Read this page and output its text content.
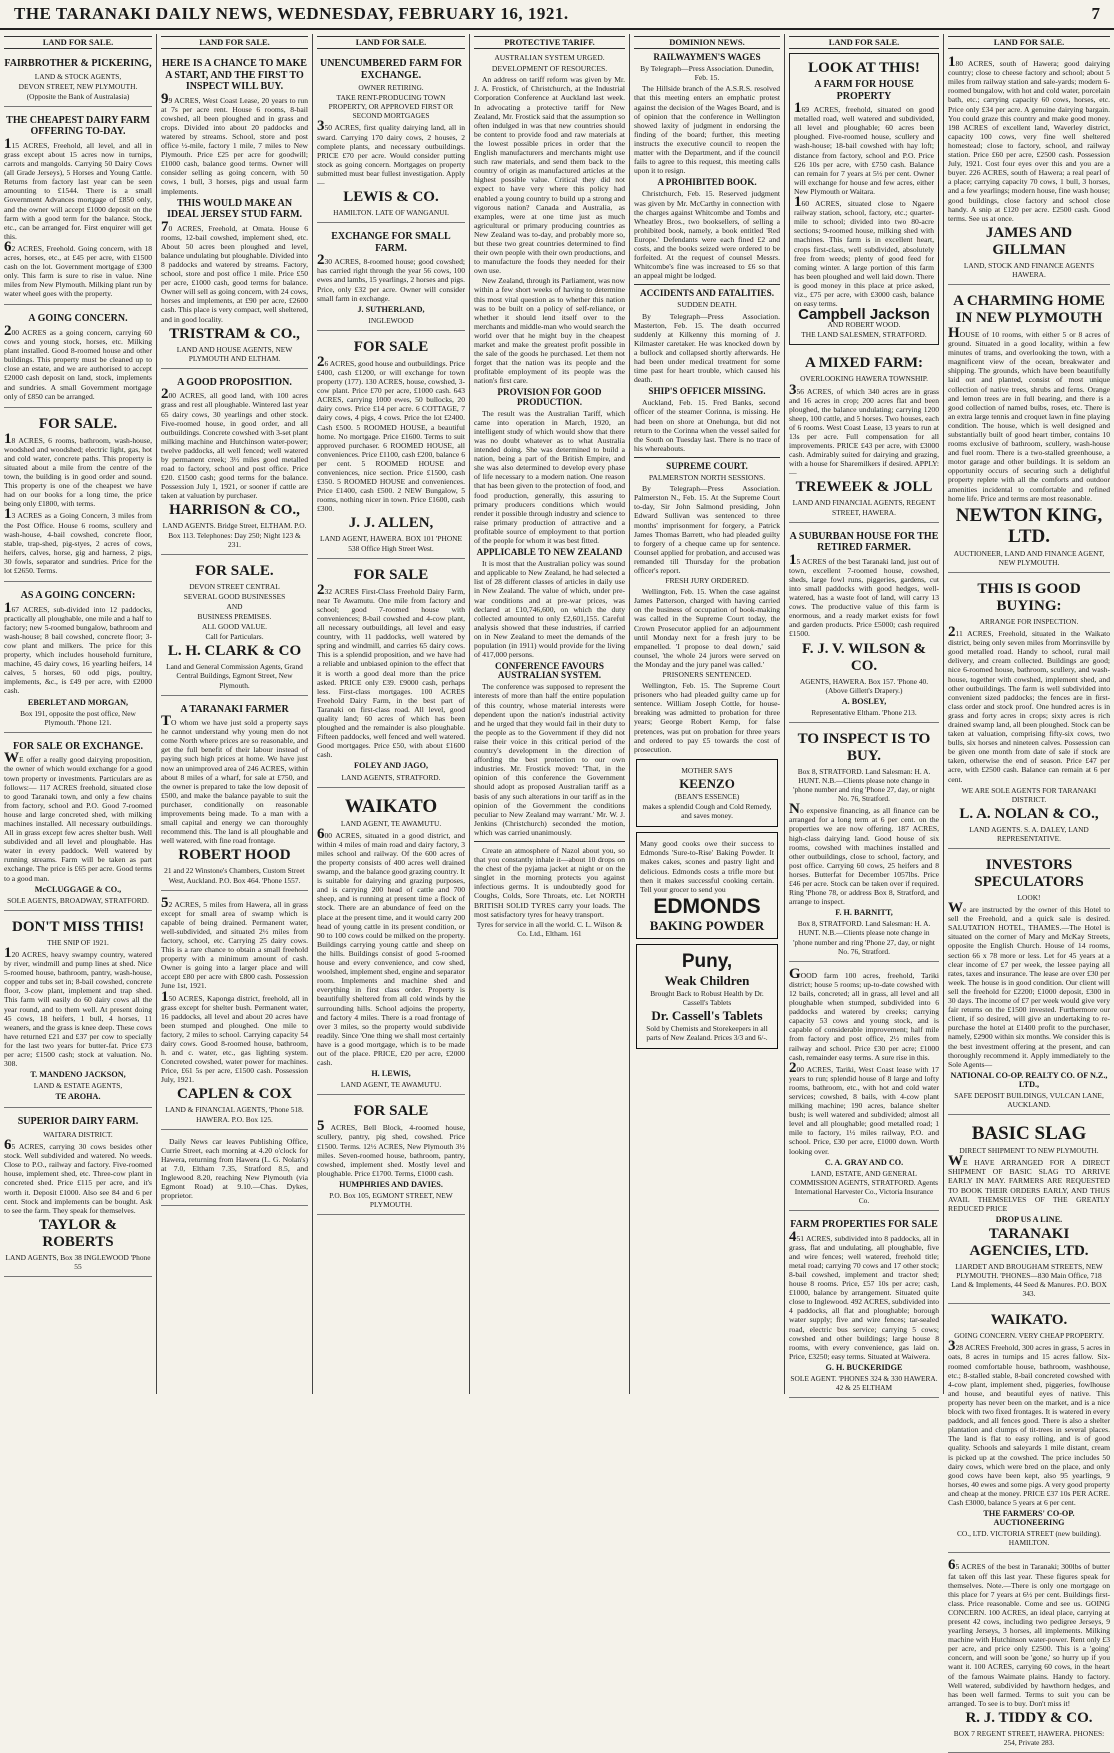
THE TARANAKI DAILY NEWS, WEDNESDAY, FEBRUARY 16, 1921.	7
LAND FOR SALE.
FAIRBROTHER & PICKERING,
LAND & STOCK AGENTS,
DEVON STREET, NEW PLYMOUTH.
(Opposite the Bank of Australasia)
THE CHEAPEST DAIRY FARM OFFERING TO-DAY.
115 ACRES, Freehold, all level, and all in grass except about 15 acres now in turnips, carrots and mangolds. Carrying 50 Dairy Cows (all Grade Jerseys), 5 Horses and Young Cattle. Returns from factory last year can be seen amounting to £1544. There is a small Government Advances mortgage of £850 only, and the owner will accept £1000 deposit on the farm with a good term for the balance. Stock, etc., can be arranged for. First enquirer will get this.
62 ACRES, Freehold. Going concern, with 18 acres, horses, etc., at £45 per acre, with £1500 cash on the lot. Government mortgage of £300 only. This farm is sure to rise in value. Nine miles from New Plymouth. Milking plant run by water wheel goes with the property.
A GOING CONCERN.
200 ACRES as a going concern, carrying 60 cows and young stock, horses, etc. Milking plant installed. Good 8-roomed house and other buildings. This property must be cleaned up to close an estate, and we are authorised to accept £2000 cash deposit on land, stock, implements and sundries. A small Government mortgage only of £850 can be arranged.
FOR SALE.
18 ACRES, 6 rooms, bathroom, wash-house, woodshed and woodshed; electric light, gas, hot and cold water, concrete paths. This property is situated about a mile from the centre of the town, the building is in good order and sound. This property is one of the cheapest we have had on our books for a long time, the price being only £1800, with terms.
13 ACRES as a Going Concern, 3 miles from the Post Office. House 6 rooms, scullery and wash-house, 4-bail cowshed, concrete floor, stable, trap-shed, pig-styes, 2 acres of cows, heifers, calves, horse, gig and harness, 2 pigs, 30 fowls, separator and sundries. Price for the lot £2650. Terms.
AS A GOING CONCERN:
167 ACRES, sub-divided into 12 paddocks, practically all ploughable, one mile and a half to factory; new 5-roomed bungalow, bathroom and wash-house; 8 bail cowshed, concrete floor; 3-cow plant and milkers. The price for this property, which includes household furniture, machine, 45 dairy cows, 16 yearling heifers, 14 calves, 5 horses, 60 odd pigs, poultry, implements, &c., is £49 per acre, with £2000 cash.
EBERLET AND MORGAN,
Box 191, opposite the post office, New Plymouth. 'Phone 121.
FOR SALE OR EXCHANGE.
WE offer a really good dairying proposition, the owner of which would exchange for a good town property or investments. Particulars are as follows:— 117 ACRES freehold, situated close to good Taranaki town, and only a few chains from factory, school and P.O. Good 7-roomed house and large concreted shed, with milking machines installed. All necessary outbuildings. All in grass except few acres shelter bush. Well subdivided and all level and ploughable. Has water in every paddock. Well watered by running streams. Farm will be taken as part exchange. The price is £65 per acre. Good terms to a good man.
McCLUGGAGE & CO.,
SOLE AGENTS, BROADWAY, STRATFORD.
DON'T MISS THIS!
THE SNIP OF 1921.
120 ACRES, heavy swampy country, watered by river, windmill and pump lines at shed. Nice 5-roomed house, bathroom, pantry, wash-house, copper and tubs set in; 8-bail cowshed, concrete floor, 3-cow plant, implement and trap shed. This farm will easily do 60 dairy cows all the year round, and to them well. At present doing 45 cows, 18 heifers, 1 bull, 4 horses, 11 weaners, and the grass is knee deep. These cows have returned £21 and £37 per cow to specially for the last two years for butter-fat. Price £73 per acre; £1500 cash; stock at valuation. No. 308.
T. MANDENO JACKSON,
LAND & ESTATE AGENTS,
TE AROHA.
SUPERIOR DAIRY FARM.
WAITARA DISTRICT.
65 ACRES, carrying 30 cows besides other stock. Well subdivided and watered. No weeds. Close to P.O., railway and factory. Five-roomed house, implement shed, etc. Three-cow plant in concreted shed. Price £115 per acre, and it's worth it. Deposit £1000. Also see 84 and 6 per cent. Stock and implements can be bought. Ask to see the farm. They speak for themselves.
TAYLOR & ROBERTS
LAND AGENTS, Box 38 INGLEWOOD 'Phone 55
LAND FOR SALE.
HERE IS A CHANCE TO MAKE A START, AND THE FIRST TO INSPECT WILL BUY.
99 ACRES, West Coast Lease, 20 years to run at 7s per acre rent. House 6 rooms, 8-bail cowshed, all been ploughed and in grass and crops. Divided into about 20 paddocks and watered by streams. School, store and post office ½-mile, factory 1 mile, 7 miles to New Plymouth. Price £25 per acre for goodwill; £1000 cash, balance good terms. Owner will consider selling as going concern, with 50 cows, 1 bull, 3 horses, pigs and usual farm implements.
THIS WOULD MAKE AN IDEAL JERSEY STUD FARM.
70 ACRES, Freehold, at Omata. House 6 rooms, 12-bail cowshed, implement shed, etc. About 50 acres been ploughed and level, balance undulating but ploughable. Divided into 8 paddocks and watered by streams. Factory, school, store and post office 1 mile. Price £50 per acre, £1000 cash, good terms for balance. Owner will sell as going concern, with 24 cows, horses and implements, at £90 per acre, £2600 cash. This place is very compact, well sheltered, and in good locality.
TRISTRAM & CO.,
LAND AND HOUSE AGENTS, NEW PLYMOUTH AND ELTHAM.
A GOOD PROPOSITION.
200 ACRES, all good land, with 100 acres grass and rest all ploughable. Wintered last year 65 dairy cows, 30 yearlings and other stock. Five-roomed house, in good order, and all outbuildings. Concrete cowshed with 3-set plant milking machine and Hutchinson water-power; twelve paddocks, all well fenced; well watered by permanent creek; 3½ miles good metalled road to factory, school and post office. Price £20. £1500 cash; good terms for the balance. Possession July 1, 1921, or sooner if cattle are taken at valuation by purchaser.
HARRISON & CO.,
LAND AGENTS. Bridge Street, ELTHAM. P.O. Box 113. Telephones: Day 250; Night 123 & 231.
FOR SALE.
DEVON STREET CENTRAL
SEVERAL GOOD BUSINESSES
AND
BUSINESS PREMISES.
ALL GOOD VALUE.
Call for Particulars.
L. H. CLARK & CO
Land and General Commission Agents, Grand Central Buildings, Egmont Street, New Plymouth.
A TARANAKI FARMER
TO whom we have just sold a property says he cannot understand why young men do not come North where prices are so reasonable, and get the full benefit of their labour instead of paying such high prices at home. We have just now an unimproved area of 246 ACRES, within about 8 miles of a wharf, for sale at £750, and the owner is prepared to take the low deposit of £500, and make the balance payable to suit the purchaser, conditionally on reasonable improvements being made. To a man with a small capital and energy we can thoroughly recommend this. The land is all ploughable and well watered, with fine road frontage.
ROBERT HOOD
21 and 22 Winstone's Chambers, Custom Street West, Auckland. P.O. Box 464. 'Phone 1557.
52 ACRES, 5 miles from Hawera, all in grass except for small area of swamp which is capable of being drained. Permanent water, well-subdivided, and situated 2½ miles from factory, school, etc. Carrying 25 dairy cows. This is a rare chance to obtain a small freehold property with a minimum amount of cash. Owner is going into a larger place and will accept £80 per acre with £800 cash. Possession June 1st, 1921.
150 ACRES, Kaponga district, freehold, all in grass except for shelter bush. Permanent water, 16 paddocks, all level and about 20 acres have been stumped and ploughed. One mile to factory, 2 miles to school. Carrying capacity 54 dairy cows. Good 8-roomed house, bathroom, h. and c. water, etc., gas lighting system. Concreted cowshed, water power for machines. Price, £61 5s per acre, £1500 cash. Possession July, 1921.
CAPLEN & COX
LAND & FINANCIAL AGENTS, 'Phone 518. HAWERA. P.O. Box 125.
Daily News car leaves Publishing Office, Currie Street, each morning at 4.20 o'clock for Hawera, returning from Hawera (L. G. Nolan's) at 7.0, Eltham 7.35, Stratford 8.5, and Inglewood 8.20, reaching New Plymouth (via Egmont Road) at 9.10.—Chas. Dykes, proprietor.
LAND FOR SALE.
UNENCUMBERED FARM FOR EXCHANGE.
OWNER RETIRING.
TAKE RENT-PRODUCING TOWN PROPERTY, OR APPROVED FIRST OR SECOND MORTGAGES
350 ACRES, first quality dairying land, all in sward. Carrying 170 dairy cows, 2 houses, 2 complete plants, and necessary outbuildings. PRICE £70 per acre. Would consider putting stock as going concern. Mortgages on property submitted must bear fullest investigation. Apply—
LEWIS & CO.
HAMILTON. LATE OF WANGANUI.
EXCHANGE FOR SMALL FARM.
230 ACRES, 8-roomed house; good cowshed; has carried right through the year 56 cows, 100 ewes and lambs, 15 yearlings, 2 horses and pigs. Price, only £32 per acre. Owner will consider small farm in exchange.
J. SUTHERLAND,
INGLEWOOD
FOR SALE
26 ACRES, good house and outbuildings. Price £400, cash £1200, or will exchange for town property (177). 130 ACRES, house, cowshed, 3-cow plant. Price £70 per acre, £1000 cash. 643 ACRES, carrying 1000 ewes, 50 bullocks, 20 dairy cows. Price £14 per acre. 6 COTTAGE, 7 dairy cows, 4 pigs, 4 cows. Price the lot £2400. Cash £500. 5 ROOMED HOUSE, a beautiful home. No mortgage. Price £1600. Terms to suit approved purchaser. 6 ROOMED HOUSE, all conveniences. Price £1100, cash £200, balance 6 per cent. 5 ROOMED HOUSE and conveniences, nice section. Price £1500, cash £350. 5 ROOMED HOUSE and conveniences. Price £1400, cash £500. 2 NEW Bungalow, 5 rooms, nothing nicer in town. Price £1600, cash £300.
J. J. ALLEN,
LAND AGENT, HAWERA. BOX 101 'PHONE 538 Office High Street West.
FOR SALE
232 ACRES First-Class Freehold Dairy Farm, near Te Awamutu. One mile from factory and school; good 7-roomed house with conveniences; 8-bail cowshed and 4-cow plant, all necessary outbuildings, all level and easy country, with 11 paddocks, well watered by spring and windmill, and carries 65 dairy cows. This is a splendid proposition, and we have had a reliable and unbiased opinion to the effect that it is worth a good deal more than the price asked. PRICE only £39. £9000 cash, perhaps less. First-class mortgages. 100 ACRES Freehold Dairy Farm, in the best part of Taranaki on first-class road. All level, good quality land; 60 acres of which has been ploughed and the remainder is also ploughable. Fifteen paddocks, well fenced and well watered. Good mortgages. Price £50, with about £1600 cash.
FOLEY AND JAGO,
LAND AGENTS, STRATFORD.
WAIKATO
LAND AGENT, TE AWAMUTU.
600 ACRES, situated in a good district, and within 4 miles of main road and dairy factory, 3 miles school and railway. Of the 600 acres of the property consists of 400 acres well drained swamp, and the balance good grazing country. It is suitable for dairying and grazing purposes, and is carrying 200 head of cattle and 700 sheep, and is running at present time a flock of stock. There are an abundance of feed on the place at the present time, and it would carry 200 head of young cattle in its present condition, or 90 to 100 cows could be milked on the property. Buildings carrying young cattle and sheep on the hills. Buildings consist of good 5-roomed house and every convenience, and cow shed, woolshed, implement shed, engine and separator room. Implements and machine shed and everything in first class order. Property is beautifully sheltered from all cold winds by the surrounding hills. School adjoins the property, and factory 4 miles. There is a road frontage of over 3 miles, so the property would subdivide readily. Since 'One thing we shall most certainly have is a good mortgage, which is to be made out of the place. PRICE, £20 per acre, £2000 cash.
H. LEWIS,
LAND AGENT, TE AWAMUTU.
FOR SALE
5 ACRES, Bell Block, 4-roomed house, scullery, pantry, pig shed, cowshed. Price £1500. Terms. 12½ ACRES, New Plymouth 3½ miles. Seven-roomed house, bathroom, pantry, cowshed, implement shed. Mostly level and ploughable. Price £1700. Terms, £1000 cash.
HUMPHRIES AND DAVIES.
P.O. Box 105, EGMONT STREET, NEW PLYMOUTH.
PROTECTIVE TARIFF.
AUSTRALIAN SYSTEM URGED.
DEVELOPMENT OF RESOURCES.
An address on tariff reform was given by Mr. J. A. Frostick, of Christchurch, at the Industrial Corporation Conference at Auckland last week. In advocating a protective tariff for New Zealand, Mr. Frostick said that the assumption so often indulged in was that new countries should be content to provide food and raw materials at the lowest possible prices in order that the English manufacturers and merchants might use such raw materials, and send them back to the country of origin as manufactured articles at the highest possible value. Critical they did not expect to have very where this policy had enabled a young country to build up a strong and vigorous nation? Canada and Australia, as examples, were at one time just as much agricultural or primary producing countries as New Zealand was to-day, and probably more so, but these two great countries determined to find their own people with their own productions, and to manufacture the foods they needed for their own use.
New Zealand, through its Parliament, was now within a few short weeks of having to determine this most vital question as to whether this nation was to be built on a policy of self-reliance, or whether it should lend itself over to the merchants and middle-man who would search the world over that he might buy in the cheapest market and make the greatest profit possible in the sale of the goods he purchased. Let them not forget that the nation was its people and the profitable employment of its people was the nation's first care.
PROVISION FOR GOOD PRODUCTION.
The result was the Australian Tariff, which came into operation in March, 1920, an intelligent study of which would show that there was no doubt whatever as to what Australia intended doing. She was determined to build a nation, being a part of the British Empire, and she was also determined to develop every phase of life necessary to a modern nation. One reason that has been given to the protection of food, and food production, generally, this assuring to primary producers conditions which would render it possible through industry and science to raise primary production of attractive and a profitable source of employment to that portion of the people for whom it was best fitted.
APPLICABLE TO NEW ZEALAND
It is most that the Australian policy was sound and applicable to New Zealand, he had selected a list of 28 different classes of articles in daily use in New Zealand. The value of which, under pre-war conditions and at pre-war prices, was declared at £10,746,600, on which the duty collected amounted to only £2,601,155. Careful analysis showed that these industries, if carried on in New Zealand to meet the demands of the population (in 1911) would provide for the living of 417,000 persons.
CONFERENCE FAVOURS AUSTRALIAN SYSTEM.
The conference was supposed to represent the interests of more than half the entire population of this country, whose material interests were dependent upon the nation's industrial activity and he urged that they would fail in their duty to the people as to the Government if they did not raise their voice in this critical period of the country's development in the direction of affording the best protection to our own industries. Mr. Frostick moved: 'That, in the opinion of this conference the Government should adopt as proposed Australian tariff as a basis of any such alterations in our tariff as in the opinion of the Government the conditions peculiar to New Zealand may warrant.' Mr. W. J. Jenkins (Christchurch) seconded the motion, which was carried unanimously.
Create an atmosphere of Nazol about you, so that you constantly inhale it—about 10 drops on the chest of the pyjama jacket at night or on the singlet in the morning protects you against infectious germs. It is undoubtedly good for Coughs, Colds, Sore Throats, etc. Let NORTH BRITISH SOLID TYRES carry your loads. The most satisfactory tyres for heavy transport.
Tyres for service in all the world. C. L. Wilson & Co. Ltd., Eltham. 161
DOMINION NEWS.
RAILWAYMEN'S WAGES
By Telegraph—Press Association. Dunedin, Feb. 15.
The Hillside branch of the A.S.R.S. resolved that this meeting enters an emphatic protest against the decision of the Wages Board, and is of opinion that the conference in Wellington showed laxity of judgment in endorsing the finding of the board; further, this meeting instructs the executive council to reopen the matter with the Department, and if the council fails to agree to this request, this meeting calls upon it to resign.
A PROHIBITED BOOK.
Christchurch, Feb. 15. Reserved judgment was given by Mr. McCarthy in connection with the charges against Whitcombe and Tombs and Wheatley Bros., two booksellers, of selling a prohibited book, namely, a book entitled 'Red Europe.' Defendants were each fined £2 and costs, and the books seized were ordered to be forfeited. At the request of counsel Messrs. Whitcombe's fine was increased to £6 so that an appeal might be lodged.
ACCIDENTS AND FATALITIES.
SUDDEN DEATH.
By Telegraph—Press Association. Masterton, Feb. 15. The death occurred suddenly at Kilkenny this morning of J. Kilmaster caretaker. He was knocked down by a bullock and collapsed shortly afterwards. He had been under medical treatment for some time past for heart trouble, which caused his death.
SHIP'S OFFICER MISSING.
Auckland, Feb. 15. Fred Banks, second officer of the steamer Corinna, is missing. He had been on shore at Onehunga, but did not return to the Corinna when the vessel sailed for the South on Tuesday last. There is no trace of his whereabouts.
SUPREME COURT.
PALMERSTON NORTH SESSIONS.
By Telegraph—Press Association. Palmerston N., Feb. 15. At the Supreme Court to-day, Sir John Salmond presiding, John Edward Sullivan was sentenced to three months' imprisonment for forgery, a Patrick James Thomas Barrett, who had pleaded guilty to forgery of a cheque came up for sentence. Counsel applied for probation, and accused was remanded till Thursday for the probation officer's report.
FRESH JURY ORDERED.
Wellington, Feb. 15. When the case against James Patterson, charged with having carried on the business of occupation of book-making was called in the Supreme Court today, the Crown Prosecutor applied for an adjournment until Monday next for a fresh jury to be empanelled. 'I propose to deal down,' said counsel, 'the whole 24 jurors were served on the Monday and the jury panel was called.'
PRISONERS SENTENCED.
Wellington, Feb. 15. The Supreme Court prisoners who had pleaded guilty came up for sentence. William Joseph Cottle, for house-breaking was admitted to probation for three years; George Robert Kemp, for false pretences, was put on probation for three years and ordered to pay £5 towards the cost of prosecution.
MOTHER SAYS
KEENZO
(BEAN'S ESSENCE)
makes a splendid Cough and Cold Remedy, and saves money.
Many good cooks owe their success to Edmonds 'Sure-to-Rise' Baking Powder. It makes cakes, scones and pastry light and delicious. Edmonds costs a trifle more but then it makes successful cooking certain. Tell your grocer to send you
EDMONDS
BAKING POWDER
Puny,
Weak Children
Brought Back to Robust Health by Dr. Cassell's Tablets
Dr. Cassell's Tablets
Sold by Chemists and Storekeepers in all parts of New Zealand. Prices 3/3 and 6/-.
LAND FOR SALE.
LOOK AT THIS!
A FARM FOR HOUSE PROPERTY
169 ACRES, freehold, situated on good metalled road, well watered and subdivided, all level and ploughable; 60 acres been ploughed. Five-roomed house, scullery and wash-house; 18-bail cowshed with hay loft; distance from factory, school and P.O. Price £26 10s per acre, with £750 cash. Balance can remain for 7 years at 5½ per cent. Owner will exchange for house and few acres, either New Plymouth or Waitara.
160 ACRES, situated close to Ngaere railway station, school, factory, etc.; quarter-mile to school; divided into two 80-acre sections; 9-roomed house, milking shed with machines. This farm is in excellent heart, crops first-class, well subdivided, absolutely free from weeds; plenty of good feed for coming winter. A large portion of this farm has been ploughed and well laid down. There is good money in this place at price asked, viz., £75 per acre, with £3000 cash, balance on easy terms.
Campbell Jackson
AND ROBERT WOOD.
THE LAND SALESMEN, STRATFORD.
A MIXED FARM:
OVERLOOKING HAWERA TOWNSHIP.
356 ACRES, of which 340 acres are in grass and 16 acres in crop; 200 acres flat and been ploughed, the balance undulating; carrying 1200 sheep, 100 cattle, and 5 horses. Two houses, each of 6 rooms. West Coast Lease, 13 years to run at 13s per acre. Full compensation for all improvements. PRICE £43 per acre, with £3000 cash. Admirably suited for dairying and grazing, with a house for Sharemilkers if desired. APPLY:—
TREWEEK & JOLL
LAND AND FINANCIAL AGENTS, REGENT STREET, HAWERA.
A SUBURBAN HOUSE FOR THE RETIRED FARMER.
15 ACRES of the best Taranaki land, just out of town, excellent 7-roomed house, cowshed, sheds, large fowl runs, piggeries, gardens, cut into small paddocks with good hedges, well-watered, has a waste foot of land, will carry 13 cows. The productive value of this farm is enormous, and a ready market exists for fowl and garden products. Price £5000; cash required £1500.
F. J. V. WILSON & CO.
AGENTS, HAWERA. Box 157. 'Phone 40. (Above Gillett's Drapery.)
A. BOSLEY,
Representative Eltham. 'Phone 213.
TO INSPECT IS TO BUY.
Box 8, STRATFORD. Land Salesman: H. A. HUNT. N.B.—Clients please note change in 'phone number and ring 'Phone 27, day, or night No. 76, Stratford.
No expensive financing, as all finance can be arranged for a long term at 6 per cent. on the properties we are now offering. 187 ACRES, high-class dairying land. Good house of six rooms, cowshed with machines installed and other outbuildings, close to school, factory, and post office. Carrying 60 cows, 25 heifers and 8 horses. Butterfat for December 1057lbs. Price £46 per acre. Stock can be taken over if required. Ring 'Phone 78, or address Box 8, Stratford, and arrange to inspect.
F. H. BARNITT,
Box 8, STRATFORD. Land Salesman: H. A. HUNT. N.B.—Clients please note change in 'phone number and ring 'Phone 27, day, or night No. 76, Stratford.
GOOD farm 100 acres, freehold, Tariki district; house 5 rooms; up-to-date cowshed with 12 bails, concreted; all in grass, all level and all ploughable when stumped, subdivided into 6 paddocks and watered by creeks; carrying capacity 53 cows and young stock, and is capable of considerable improvement; half mile from factory and post office, 2½ miles from railway and school. Price £30 per acre; £1000 cash, remainder easy terms. A sure rise in this.
200 ACRES, Tariki, West Coast lease with 17 years to run; splendid house of 8 large and lofty rooms, bathroom, etc., with hot and cold water services; cowshed, 8 bails, with 4-cow plant milking machine; 190 acres, balance shelter bush; is well watered and subdivided; almost all level and all ploughable; good metalled road; 1 mile to factory, 1½ miles railway, P.O. and school. Price, £30 per acre, £1000 down. Worth looking over.
C. A. GRAY AND CO.
LAND, ESTATE, AND GENERAL COMMISSION AGENTS, STRATFORD. Agents International Harvester Co., Victoria Insurance Co.
FARM PROPERTIES FOR SALE
451 ACRES, subdivided into 8 paddocks, all in grass, flat and undulating, all ploughable, five and wire fences; well watered, freehold title; metal road; carrying 70 cows and 17 other stock; 8-bail cowshed, implement and tractor shed; house 8 rooms. Price, £57 10s per acre; cash, £1000, balance by arrangement. Situated quite close to Inglewood. 492 ACRES, subdivided into 4 paddocks, all flat and ploughable; borough water supply; five and wire fences; tar-sealed road, electric bus service; carrying 5 cows; cowshed and other buildings; large house 8 rooms, with every convenience, gas laid on. Price, £3250; easy terms. Situated at Waiwera.
G. H. BUCKERIDGE
SOLE AGENT. 'PHONES 324 & 330 HAWERA. 42 & 25 ELTHAM
LAND FOR SALE.
180 ACRES, south of Hawera; good dairying country; close to cheese factory and school; about 5 miles from railway station and sale-yards; modern 6-roomed bungalow, with hot and cold water, porcelain bath, etc.; carrying capacity 60 cows, horses, etc. Price only £34 per acre. A genuine dairying bargain. You could graze this country and make good money. 198 ACRES of excellent land, Waverley district, capacity 100 cows, very fine well sheltered homestead; close to factory, school, and railway station. Price £60 per acre, £2500 cash. Possession July, 1921. Cost four eyes over this and you are a buyer. 226 ACRES, south of Hawera; a real pearl of a place; carrying capacity 70 cows, 1 bull, 3 horses, and a few yearlings; modern house, fine wash house; good buildings, close factory and school close handy. A snip at £120 per acre. £2500 cash. Good terms. See us at once.
JAMES AND GILLMAN
LAND, STOCK AND FINANCE AGENTS HAWERA.
A CHARMING HOME IN NEW PLYMOUTH
HOUSE of 10 rooms, with either 5 or 8 acres of ground. Situated in a good locality, within a few minutes of trams, and overlooking the town, with a magnificent view of the ocean, breakwater and shipping. The grounds, which have been beautifully laid out and planted, consist of most unique collection of native trees, shrubs and ferns. Orange and lemon trees are in full bearing, and there is a good collection of named bulbs, roses, etc. There is an extra large tennis and croquet lawn in fine playing condition. The house, which is well designed and substantially built of good heart timber, contains 10 rooms exclusive of bathroom, scullery, wash-house and fuel room. There is a two-stalled greenhouse, a motor garage and other buildings. It is seldom an opportunity occurs of securing such a delightful property replete with all the comforts and outdoor amenities incidental to comfortable and refined home life. Price and terms are most reasonable.
NEWTON KING, LTD.
AUCTIONEER, LAND AND FINANCE AGENT, NEW PLYMOUTH.
THIS IS GOOD BUYING:
ARRANGE FOR INSPECTION.
211 ACRES, Freehold, situated in the Waikato district, being only seven miles from Morrinsville by good metalled road. Handy to school, rural mail delivery, and cream collected. Buildings are good; nice 6-roomed house, bathroom, scullery, and wash-house, together with cowshed, implement shed, and other outbuildings. The farm is well subdivided into convenient sized paddocks; the fences are in first-class order and stock proof. One hundred acres is in grass and forty acres in crops; sixty acres is rich drained swamp land, all been ploughed. Stock can be taken at valuation, comprising fifty-six cows, two bulls, six horses and nineteen calves. Possession can be given one month from date of sale if stock are taken, otherwise the end of season. Price £47 per acre, with £2500 cash. Balance can remain at 6 per cent.
WE ARE SOLE AGENTS FOR TARANAKI DISTRICT.
L. A. NOLAN & CO.,
LAND AGENTS. S. A. DALEY, LAND REPRESENTATIVE.
INVESTORS SPECULATORS
LOOK!
We are instructed by the owner of this Hotel to sell the Freehold, and a quick sale is desired. SALUTATION HOTEL, THAMES.—The Hotel is situated on the corner of Mary and McKay Streets, opposite the English Church. House of 14 rooms, section 66 x 78 more or less. Let for 45 years at a clear income of £7 per week, the lessee paying all rates, taxes and insurance. The lease are over £30 per week. The house is in good condition. Our client will sell the freehold for £2200; £1000 deposit, £300 in 30 days. The income of £7 per week would give very fair returns on the £1500 invested. Furthermore our client, if so desired, will give an undertaking to re-purchase the hotel at £1400 profit to the purchaser, namely, £2900 within six months. We consider this is the best investment offering at the present, and can thoroughly recommend it. Apply immediately to the Sole Agents—
NATIONAL CO-OP. REALTY CO. OF N.Z., LTD.,
SAFE DEPOSIT BUILDINGS, VULCAN LANE, AUCKLAND.
BASIC SLAG
DIRECT SHIPMENT TO NEW PLYMOUTH.
WE HAVE ARRANGED FOR A DIRECT SHIPMENT OF BASIC SLAG TO ARRIVE EARLY IN MAY. FARMERS ARE REQUESTED TO BOOK THEIR ORDERS EARLY, AND THUS AVAIL THEMSELVES OF THE GREATLY REDUCED PRICE
DROP US A LINE.
TARANAKI AGENCIES, LTD.
LIARDET AND BROUGHAM STREETS, NEW PLYMOUTH. 'PHONES—830 Main Office, 718 Land & Implements, 44 Seed & Manures. P.O. BOX 343.
WAIKATO.
GOING CONCERN. VERY CHEAP PROPERTY.
328 ACRES Freehold, 300 acres in grass, 5 acres in oats, 8 acres in turnips and 15 acres fallow. Six-roomed comfortable house, bathroom, washhouse, etc.; 8-stalled stable, 8-bail concreted cowshed with 4-cow plant, implement shed, piggeries, fowlhouse and house, and beautiful eyes of native. This property has never been on the market, and is a nice block with two fixed frontages. It is watered in every paddock, and all fences good. There is also a shelter plantation and clumps of tit-trees in several places. The land is flat to easy rolling, and is of good quality. Schools and saleyards 1 mile distant, cream is picked up at the cowshed. The price includes 50 dairy cows, which were bred on the place, and only good cows have been kept, also 95 yearlings, 9 horses, 40 ewes and some pigs. A very good property and cheap at the money. PRICE £37 10s PER ACRE. Cash £3000, balance 5 years at 6 per cent.
THE FARMERS' CO-OP. AUCTIONEERING
CO., LTD. VICTORIA STREET (new building). HAMILTON.
65 ACRES of the best in Taranaki; 300lbs of butter fat taken off this last year. These figures speak for themselves. Note.—There is only one mortgage on this place for 7 years at 6½ per cent. Buildings first-class. Price reasonable. Come and see us. GOING CONCERN. 100 ACRES, an ideal place, carrying at present 42 cows, including two pedigree Jerseys, 9 yearling Jerseys, 3 horses, all implements. Milking machine with Hutchinson water-power. Rent only £3 per acre, and price only £2500. This is a 'going' concern, and will soon be 'gone,' so hurry up if you want it. 100 ACRES, carrying 60 cows, in the heart of the famous Waimate plains. Handy to factory. Well watered, subdivided by hawthorn hedges, and has been well farmed. Terms to suit you can be arranged. To see is to buy. Don't miss it!
R. J. TIDDY & CO.
BOX 7 REGENT STREET, HAWERA. PHONES: 254, Private 283.
